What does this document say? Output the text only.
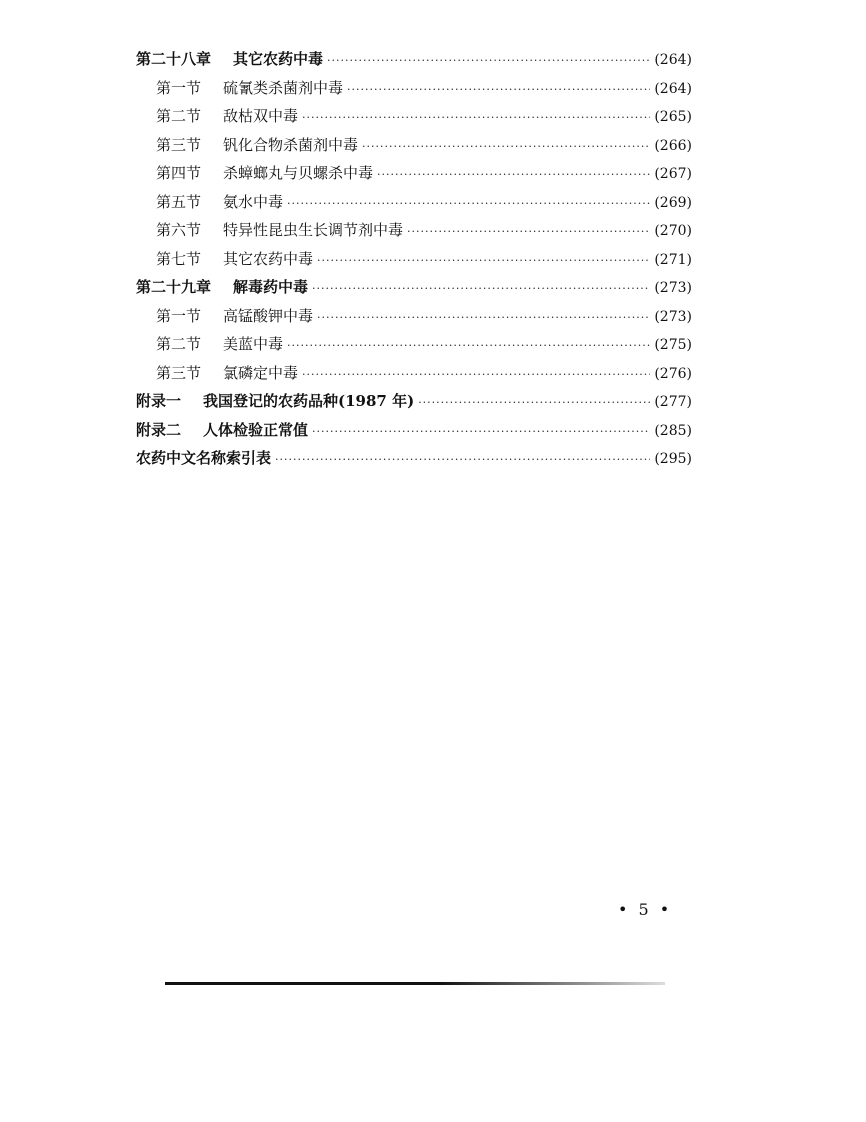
第二十八章 其它农药中毒 ·····	(264)
第一节 硫氰类杀菌剂中毒 ·····	(264)
第二节 敌枯双中毒 ·····	(265)
第三节 钒化合物杀菌剂中毒 ·····	(266)
第四节 杀蟑螂丸与贝螺杀中毒 ·····	(267)
第五节 氨水中毒 ·····	(269)
第六节 特异性昆虫生长调节剂中毒 ·····	(270)
第七节 其它农药中毒 ·····	(271)
第二十九章 解毒药中毒 ·····	(273)
第一节 高锰酸钾中毒 ·····	(273)
第二节 美蓝中毒 ·····	(275)
第三节 氯磷定中毒 ·····	(276)
附录一 我国登记的农药品种(1987 年) ·····	(277)
附录二 人体检验正常值 ·····	(285)
农药中文名称索引表 ·····	(295)
• 5 •
